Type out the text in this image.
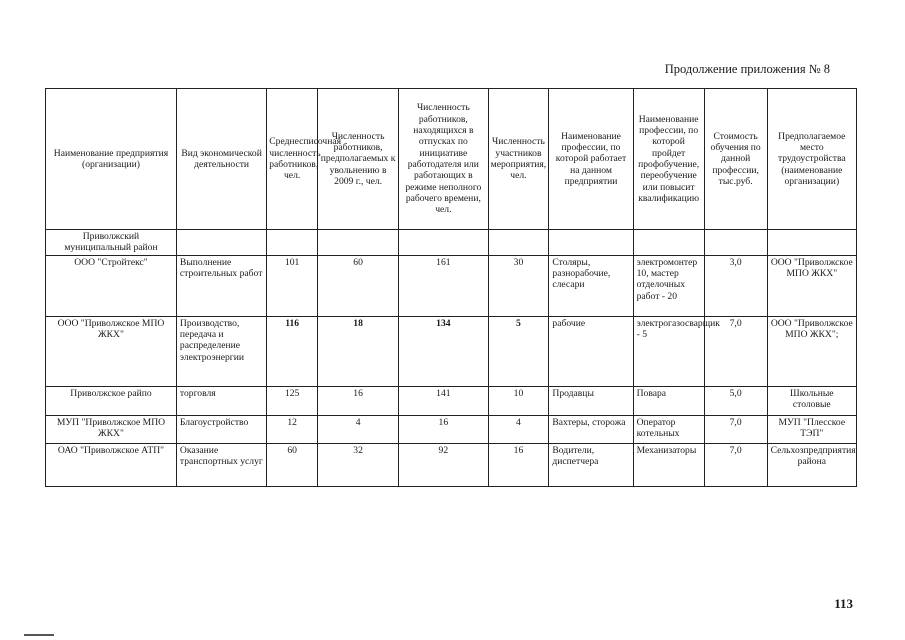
Продолжение приложения № 8
Наименование предприятия (организации)	Вид экономической деятельности	Среднесписочная численность работников, чел.	Численность работников, предполагаемых к увольнению в 2009 г., чел.	Численность работников, находящихся в отпусках по инициативе работодателя или работающих в режиме неполного рабочего времени, чел.	Численность участников мероприятия, чел.	Наименование профессии, по которой работает на данном предприятии	Наименование профессии, по которой пройдет профобучение, переобучение или повысит квалификацию	Стоимость обучения по данной профессии, тыс.руб.	Предполагаемое место трудоустройства (наименование организации)
Приволжский муниципальный район									
ООО "Стройтекс"	Выполнение строительных работ	101	60	161	30	Столяры, разнорабочие, слесари	электромонтер 10, мастер отделочных работ - 20	3,0	ООО "Приволжское МПО ЖКХ"
ООО "Приволжское МПО ЖКХ"	Производство, передача и распределение электроэнергии	116	18	134	5	рабочие	электрогазосварщик - 5	7,0	ООО "Приволжское МПО ЖКХ";
Приволжское райпо	торговля	125	16	141	10	Продавцы	Повара	5,0	Школьные столовые
МУП "Приволжское МПО ЖКХ"	Благоустройство	12	4	16	4	Вахтеры, сторожа	Оператор котельных	7,0	МУП "Плесское ТЭП"
ОАО "Приволжское АТП"	Оказание транспортных услуг	60	32	92	16	Водители, диспетчера	Механизаторы	7,0	Сельхозпредприятия района
113
